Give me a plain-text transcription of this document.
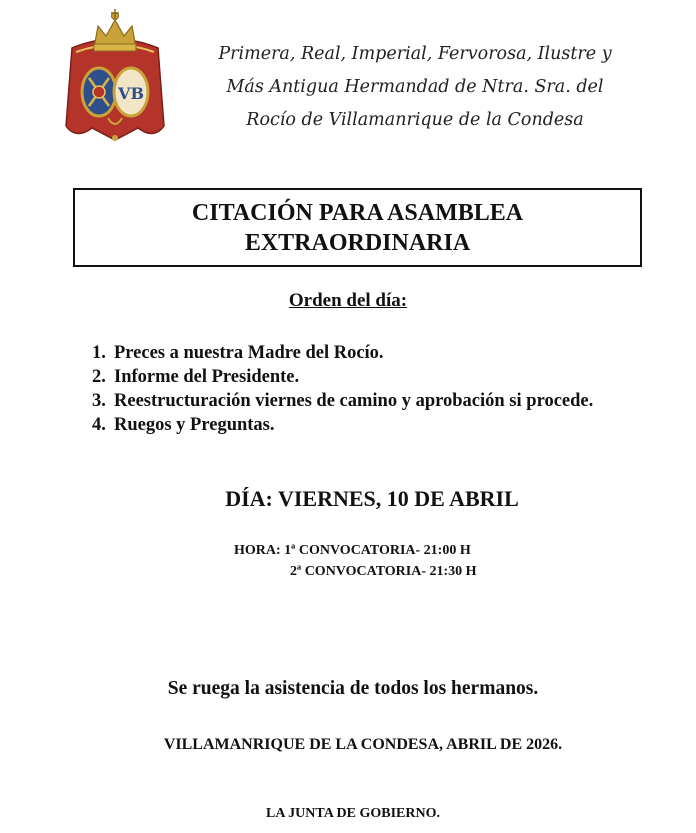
VB
Primera, Real, Imperial, Fervorosa, Ilustre y
Más Antigua Hermandad de Ntra. Sra. del
Rocío de Villamanrique de la Condesa
CITACIÓN PARA ASAMBLEA
EXTRAORDINARIA
Orden del día:
1. Preces a nuestra Madre del Rocío.
2. Informe del Presidente.
3. Reestructuración viernes de camino y aprobación si procede.
4. Ruegos y Preguntas.
DÍA: VIERNES, 10 DE ABRIL
HORA: 1ª CONVOCATORIA- 21:00 H
2ª CONVOCATORIA- 21:30 H
Se ruega la asistencia de todos los hermanos.
VILLAMANRIQUE DE LA CONDESA, ABRIL DE 2026.
LA JUNTA DE GOBIERNO.
